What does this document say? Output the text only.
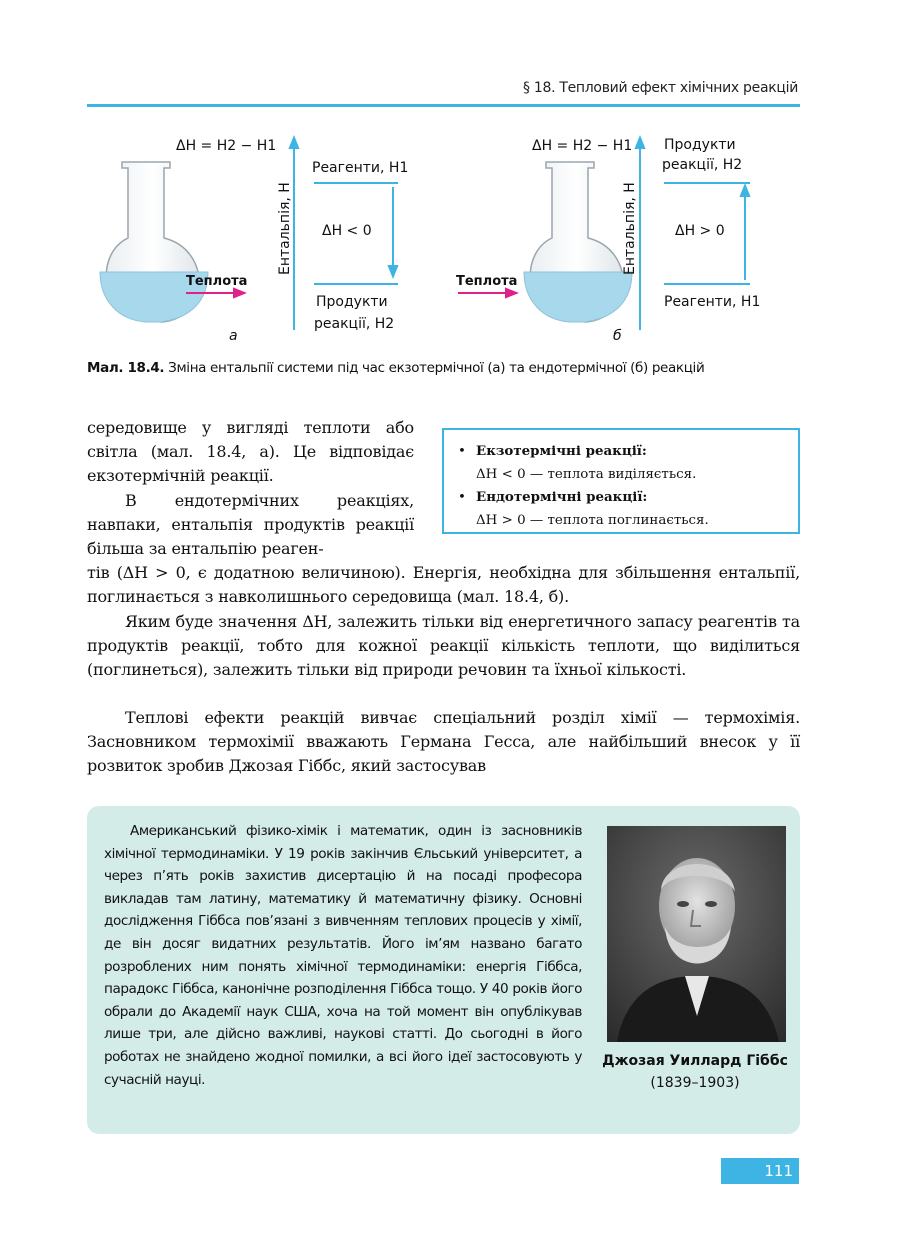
§ 18. Тепловий ефект хімічних реакцій
Теплота
Ентальпія, H
ΔH = H2 − H1
Реагенти, H1
ΔH < 0
Продукти
реакції, H2
а
Теплота
Ентальпія, H
ΔH = H2 − H1 Продукти
реакції, H2
ΔH > 0
Реагенти, H1
б
Мал. 18.4. Зміна ентальпії системи під час екзотермічної (а) та ендотермічної (б) реакцій
середовище у вигляді теплоти або світла (мал. 18.4, а). Це відповідає екзотермічній реакції.
В ендотермічних реакціях, навпаки, ентальпія продуктів реакції більша за ентальпію реаген-
• Екзотермічні реакції:
ΔH < 0 — теплота виділяється.
• Ендотермічні реакції:
ΔH > 0 — теплота поглинається.
тів (ΔH > 0, є додатною величиною). Енергія, необхідна для збільшення ентальпії, поглинається з навколишнього середовища (мал. 18.4, б).
Яким буде значення ΔH, залежить тільки від енергетичного запасу реагентів та продуктів реакції, тобто для кожної реакції кількість теплоти, що виділиться (поглинеться), залежить тільки від природи речовин та їхньої кількості.
Теплові ефекти реакцій вивчає спеціальний розділ хімії — термохімія. Засновником термохімії вважають Германа Гесса, але найбільший внесок у її розвиток зробив Джозая Гіббс, який застосував
Американський фізико-хімік і математик, один із засновників хімічної термодинаміки. У 19 років закінчив Єльський університет, а через п’ять років захистив дисертацію й на посаді професора викладав там латину, математику й математичну фізику. Основні дослідження Гіббса пов’язані з вивченням теплових процесів у хімії, де він досяг видатних результатів. Його ім’ям названо багато розроблених ним понять хімічної термодинаміки: енергія Гіббса, парадокс Гіббса, канонічне розподілення Гіббса тощо. У 40 років його обрали до Академії наук США, хоча на той момент він опублікував лише три, але дійсно важливі, наукові статті. До сьогодні в його роботах не знайдено жодної помилки, а всі його ідеї застосовують у сучасній науці.
Джозая Уиллард Гіббс (1839–1903)
111
